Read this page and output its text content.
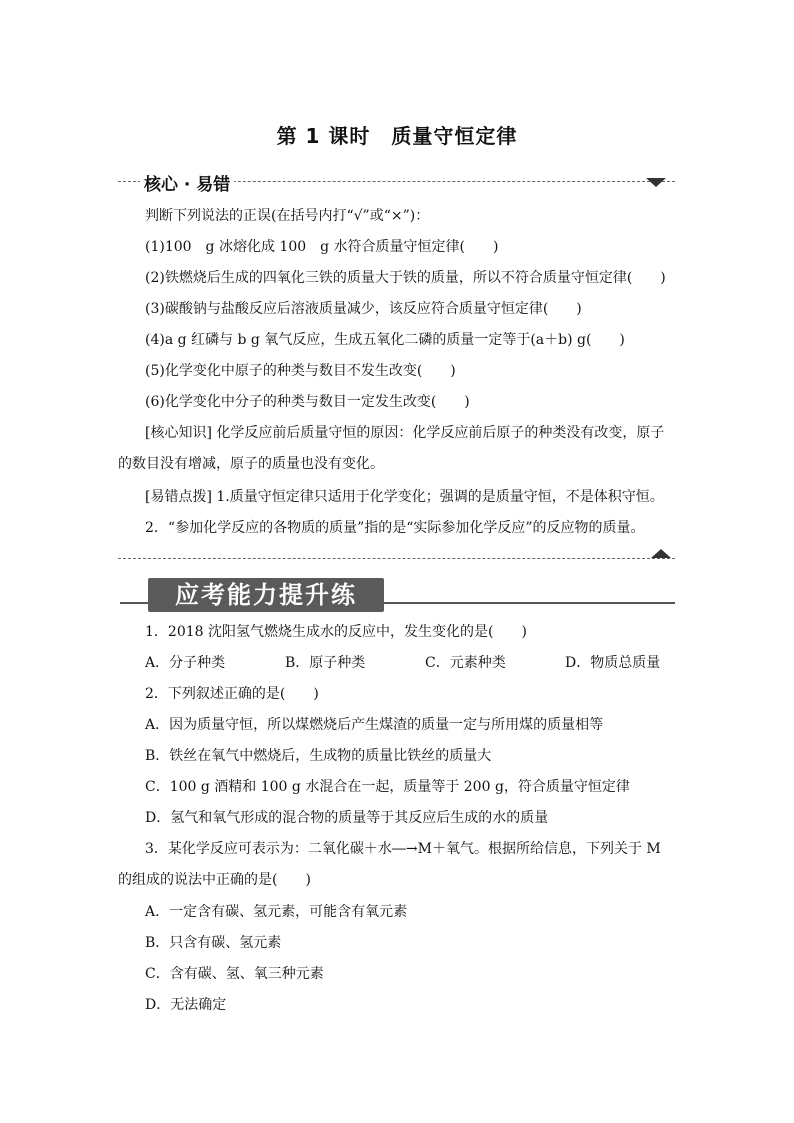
第 1 课时　质量守恒定律
核心 · 易错
判断下列说法的正误(在括号内打“√”或“×”)：
(1)100　g 冰熔化成 100　g 水符合质量守恒定律(　　)
(2)铁燃烧后生成的四氧化三铁的质量大于铁的质量，所以不符合质量守恒定律(　　)
(3)碳酸钠与盐酸反应后溶液质量减少，该反应符合质量守恒定律(　　)
(4)a g 红磷与 b g 氧气反应，生成五氧化二磷的质量一定等于(a＋b) g(　　)
(5)化学变化中原子的种类与数目不发生改变(　　)
(6)化学变化中分子的种类与数目一定发生改变(　　)
[核心知识] 化学反应前后质量守恒的原因：化学反应前后原子的种类没有改变，原子的数目没有增减，原子的质量也没有变化。
[易错点拨] 1.质量守恒定律只适用于化学变化；强调的是质量守恒，不是体积守恒。
2．“参加化学反应的各物质的质量”指的是“实际参加化学反应”的反应物的质量。
应考能力提升练
1．2018 沈阳氢气燃烧生成水的反应中，发生变化的是(　　)
A．分子种类	B．原子种类	C．元素种类	D．物质总质量
2．下列叙述正确的是(　　)
A．因为质量守恒，所以煤燃烧后产生煤渣的质量一定与所用煤的质量相等
B．铁丝在氧气中燃烧后，生成物的质量比铁丝的质量大
C．100 g 酒精和 100 g 水混合在一起，质量等于 200 g，符合质量守恒定律
D．氢气和氧气形成的混合物的质量等于其反应后生成的水的质量
3．某化学反应可表示为：二氧化碳＋水―→M＋氧气。根据所给信息，下列关于 M 的组成的说法中正确的是(　　)
A．一定含有碳、氢元素，可能含有氧元素
B．只含有碳、氢元素
C．含有碳、氢、氧三种元素
D．无法确定
